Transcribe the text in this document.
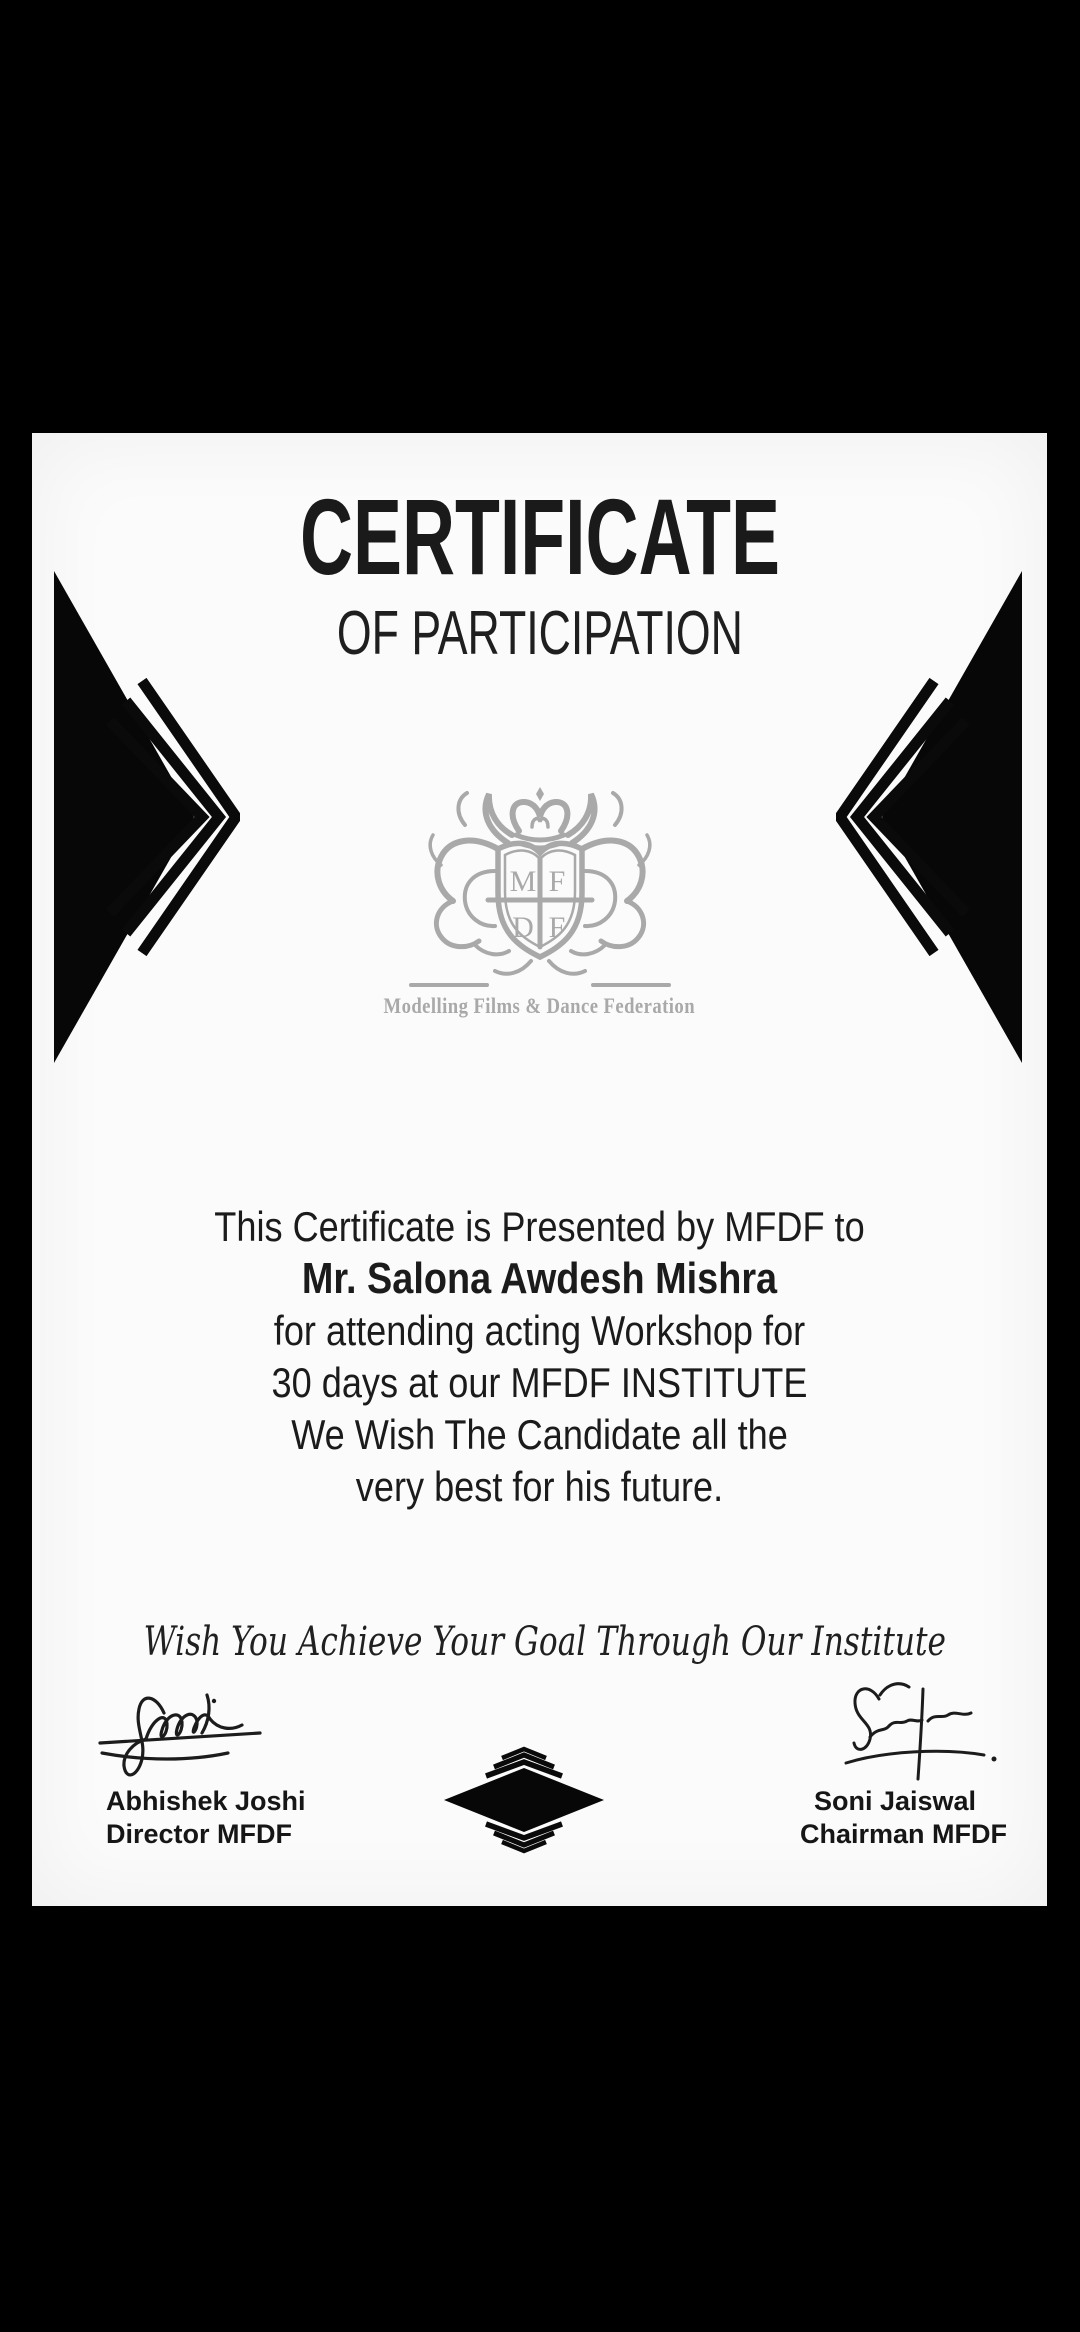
CERTIFICATE
OF PARTICIPATION
M F
D F
Modelling Films & Dance Federation
This Certificate is Presented by MFDF to
Mr. Salona Awdesh Mishra
for attending acting Workshop for
30 days at our MFDF INSTITUTE
We Wish The Candidate all the
very best for his future.
Wish You Achieve Your Goal Through Our Institute
Abhishek Joshi
Director MFDF
Soni Jaiswal
Chairman MFDF
